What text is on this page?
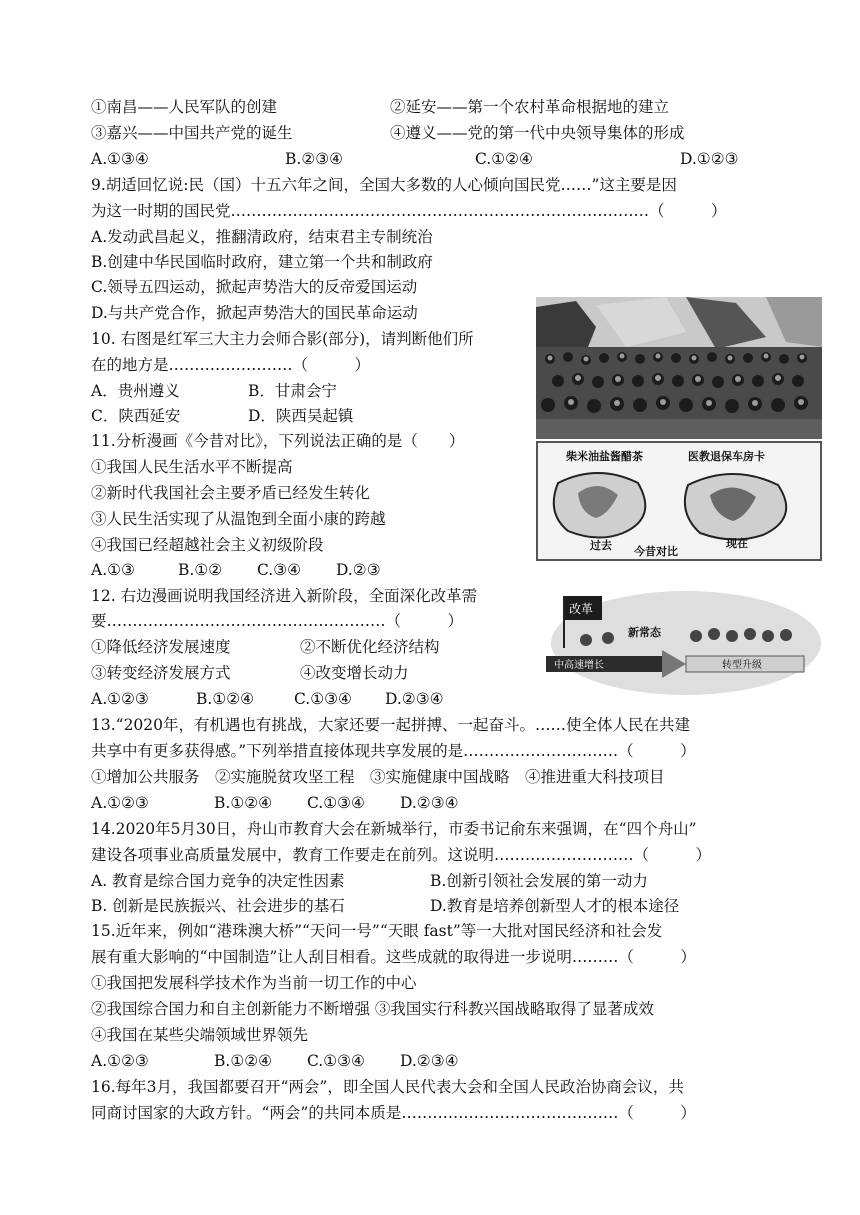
①南昌——人民军队的创建	②延安——第一个农村革命根据地的建立
③嘉兴——中国共产党的诞生	④遵义——党的第一代中央领导集体的形成
A.①③④	B.②③④	C.①②④	D.①②③
9.胡适回忆说:民（国）十五六年之间，全国大多数的人心倾向国民党……”这主要是因
为这一时期的国民党………………………………………………………………………（　　　）
A.发动武昌起义，推翻清政府，结束君主专制统治
B.创建中华民国临时政府，建立第一个共和制政府
C.领导五四运动，掀起声势浩大的反帝爱国运动
D.与共产党合作，掀起声势浩大的国民革命运动
10. 右图是红军三大主力会师合影(部分)，请判断他们所
在的地方是……………………（　　　）
A．贵州遵义	B．甘肃会宁
C．陕西延安	D．陕西吴起镇
11.分析漫画《今昔对比》，下列说法正确的是（　　）
①我国人民生活水平不断提高
②新时代我国社会主要矛盾已经发生转化
③人民生活实现了从温饱到全面小康的跨越
④我国已经超越社会主义初级阶段
A.①③	B.①② C.③④ D.②③
柴米油盐酱醋茶	医教退保车房卡
过去 今昔对比
现在
12. 右边漫画说明我国经济进入新阶段，全面深化改革需
要………………………………………………（　　　）
①降低经济发展速度	②不断优化经济结构
③转变经济发展方式	④改变增长动力
A.①②③	B.①②④	C.①③④ D.②③④
改革
新常态
中高速增长	转型升级
13.“2020年，有机遇也有挑战，大家还要一起拼搏、一起奋斗。……使全体人民在共建
共享中有更多获得感。”下列举措直接体现共享发展的是…………………………（　　　）
①增加公共服务　②实施脱贫攻坚工程　③实施健康中国战略　④推进重大科技项目
A.①②③	B.①②④ C.①③④ D.②③④
14.2020年5月30日，舟山市教育大会在新城举行，市委书记俞东来强调，在“四个舟山”
建设各项事业高质量发展中，教育工作要走在前列。这说明………………………（　　　）
A. 教育是综合国力竞争的决定性因素	B.创新引领社会发展的第一动力
B. 创新是民族振兴、社会进步的基石	D.教育是培养创新型人才的根本途径
15.近年来，例如“港珠澳大桥”“天问一号”“天眼 fast”等一大批对国民经济和社会发
展有重大影响的“中国制造”让人刮目相看。这些成就的取得进一步说明………（　　　）
①我国把发展科学技术作为当前一切工作的中心
②我国综合国力和自主创新能力不断增强 ③我国实行科教兴国战略取得了显著成效
④我国在某些尖端领域世界领先
A.①②③	B.①②④ C.①③④ D.②③④
16.每年3月，我国都要召开“两会”，即全国人民代表大会和全国人民政治协商会议，共
同商讨国家的大政方针。“两会”的共同本质是……………………………………（　　　）
